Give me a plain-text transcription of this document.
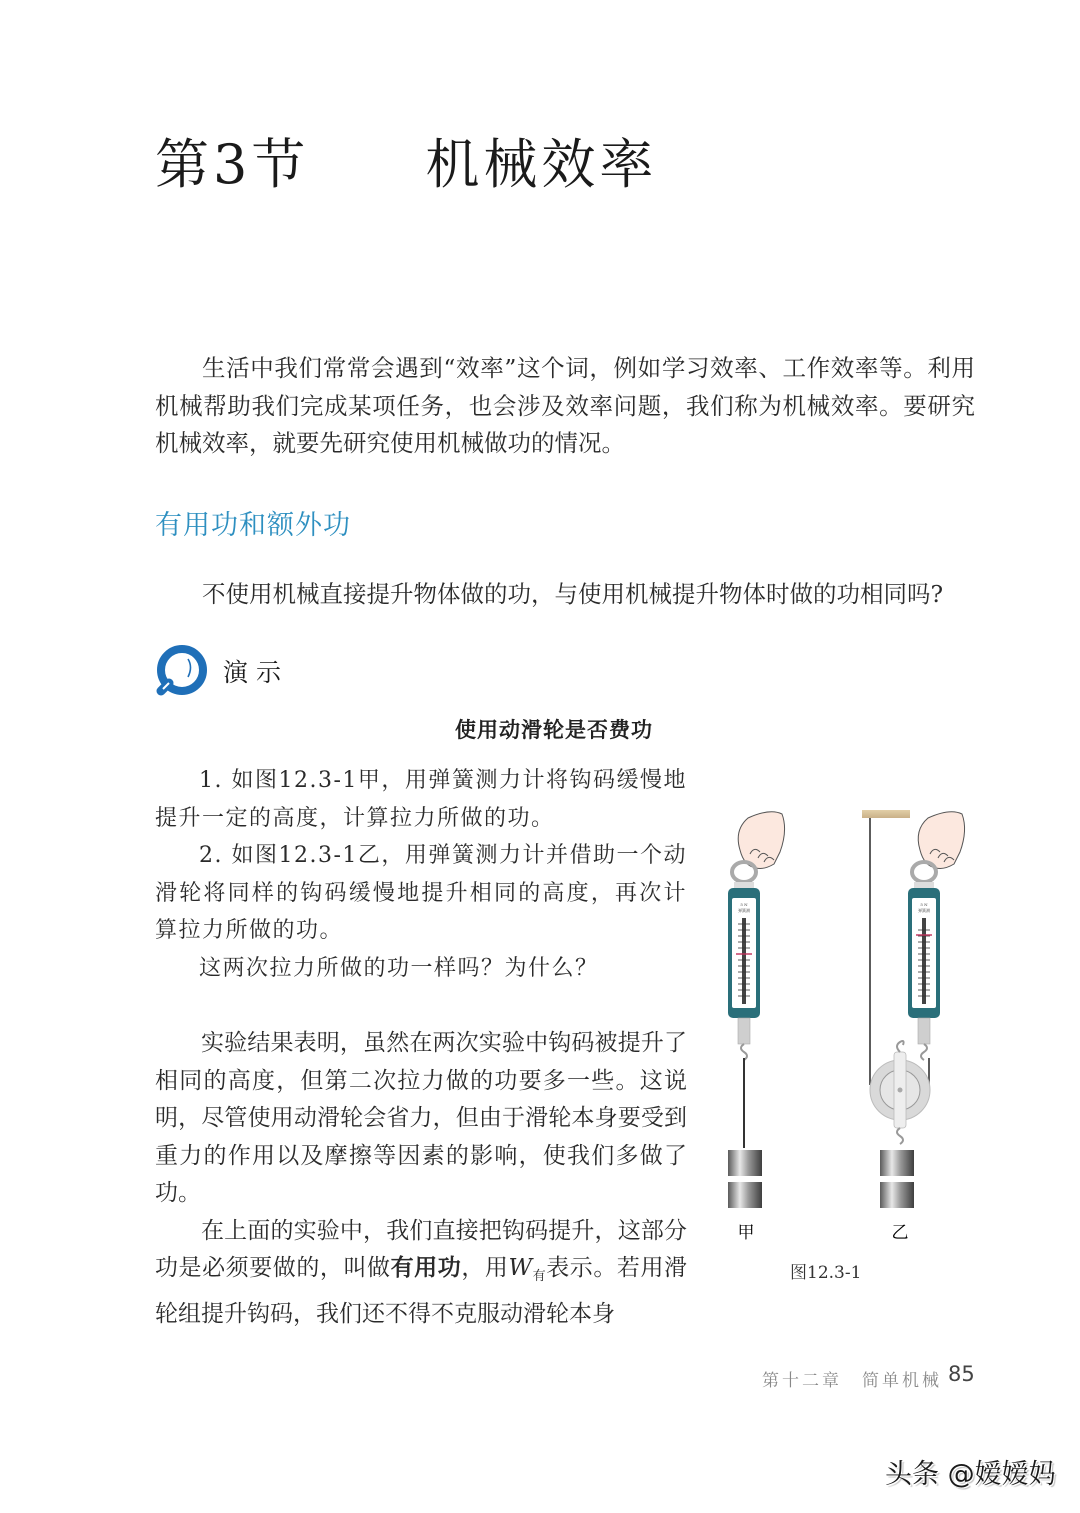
第3节　　机械效率
生活中我们常常会遇到“效率”这个词，例如学习效率、工作效率等。利用机械帮助我们完成某项任务，也会涉及效率问题，我们称为机械效率。要研究机械效率，就要先研究使用机械做功的情况。
有用功和额外功
不使用机械直接提升物体做的功，与使用机械提升物体时做的功相同吗?
演示
使用动滑轮是否费功

1. 如图12.3-1甲，用弹簧测力计将钩码缓慢地提升一定的高度，计算拉力所做的功。

2. 如图12.3-1乙，用弹簧测力计并借助一个动滑轮将同样的钩码缓慢地提升相同的高度，再次计算拉力所做的功。

这两次拉力所做的功一样吗？为什么？

实验结果表明，虽然在两次实验中钩码被提升了相同的高度，但第二次拉力做的功要多一些。这说明，尽管使用动滑轮会省力，但由于滑轮本身要受到重力的作用以及摩擦等因素的影响，使我们多做了功。

在上面的实验中，我们直接把钩码提升，这部分功是必须要做的，叫做有用功，用$W_有$表示。若用滑轮组提升钩码，我们还不得不克服动滑轮本身

5 N
弹簧测
甲
5 N
弹簧测
乙
图12.3-1
第十二章　简单机械 85
头条 @嫒嫒妈
